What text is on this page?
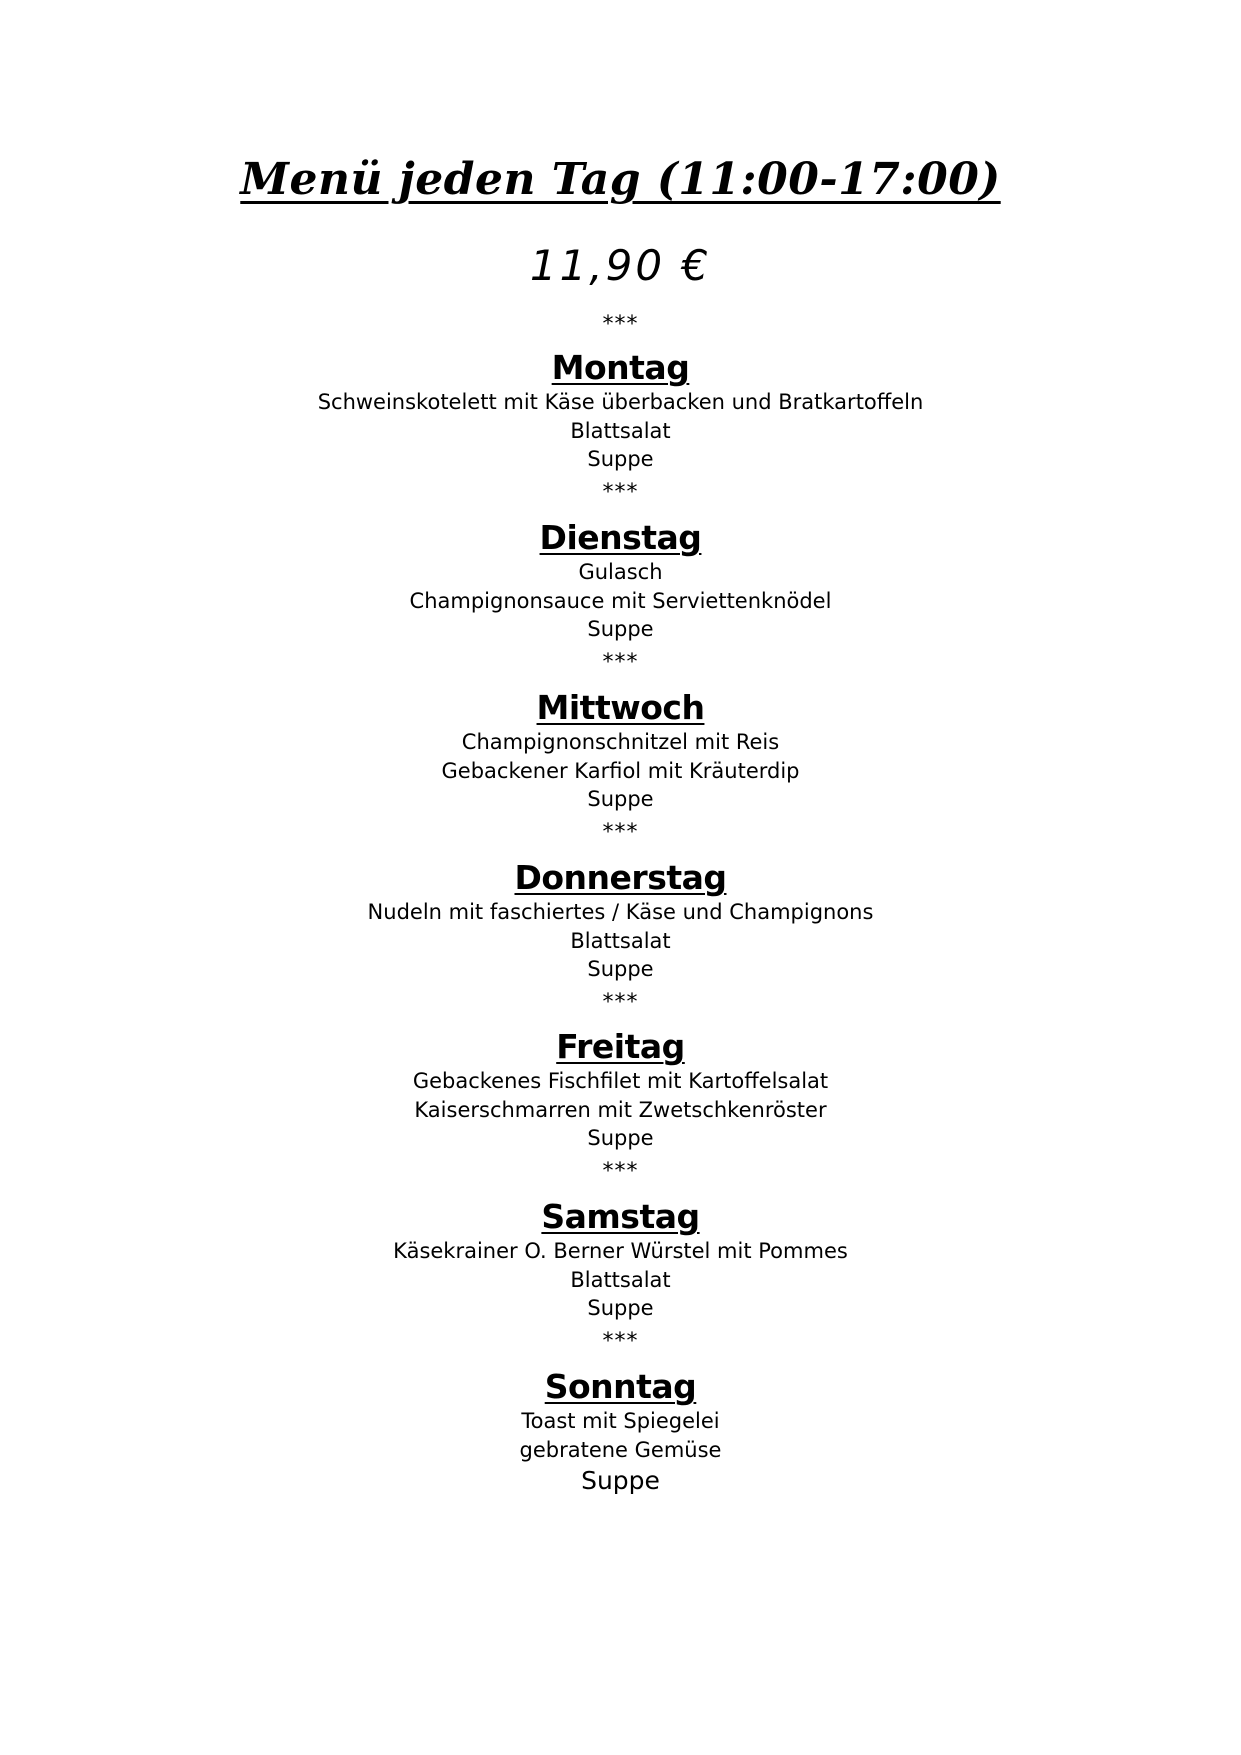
Menü jeden Tag (11:00-17:00)
11,90 €
***
Montag
Schweinskotelett mit Käse überbacken und Bratkartoffeln
Blattsalat
Suppe
***
Dienstag
Gulasch
Champignonsauce mit Serviettenknödel
Suppe
***
Mittwoch
Champignonschnitzel mit Reis
Gebackener Karfiol mit Kräuterdip
Suppe
***
Donnerstag
Nudeln mit faschiertes / Käse und Champignons
Blattsalat
Suppe
***
Freitag
Gebackenes Fischfilet mit Kartoffelsalat
Kaiserschmarren mit Zwetschkenröster
Suppe
***
Samstag
Käsekrainer O. Berner Würstel mit Pommes
Blattsalat
Suppe
***
Sonntag
Toast mit Spiegelei
gebratene Gemüse
Suppe
